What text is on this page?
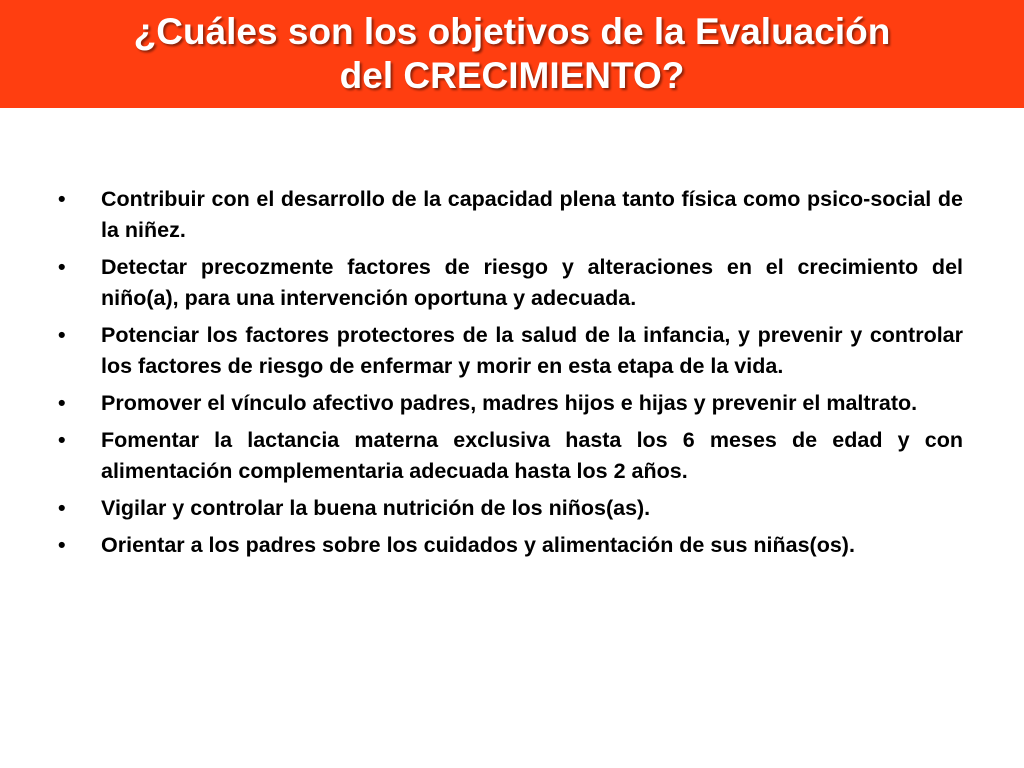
¿Cuáles son los objetivos de la Evaluación
del CRECIMIENTO?
•	Contribuir con el desarrollo de la capacidad plena tanto física como psico-social de la niñez.
•	Detectar precozmente factores de riesgo y alteraciones en el crecimiento del niño(a), para una intervención oportuna y adecuada.
•	Potenciar los factores protectores de la salud de la infancia, y prevenir y controlar los factores de riesgo de enfermar y morir en esta etapa de la vida.
•	Promover el vínculo afectivo padres, madres hijos e hijas y prevenir el maltrato.
•	Fomentar la lactancia materna exclusiva hasta los 6 meses de edad y con alimentación complementaria adecuada hasta los 2 años.
•	Vigilar y controlar la buena nutrición de los niños(as).
•	Orientar a los padres sobre los cuidados y alimentación de sus niñas(os).
